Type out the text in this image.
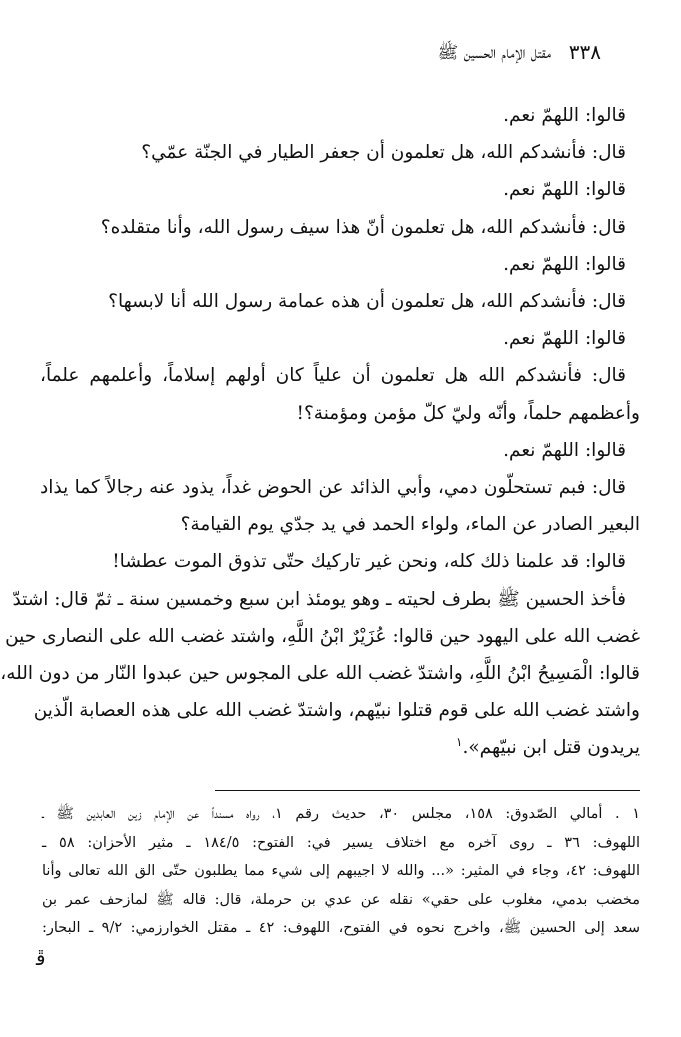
٣٣٨
مقتل الإمام الحسين ﷺ

قالوا: اللهمّ نعم.

قال: فأنشدكم الله، هل تعلمون أن جعفر الطيار في الجنّة عمّي؟

قالوا: اللهمّ نعم.

قال: فأنشدكم الله، هل تعلمون أنّ هذا سيف رسول الله، وأنا متقلده؟

قالوا: اللهمّ نعم.

قال: فأنشدكم الله، هل تعلمون أن هذه عمامة رسول الله أنا لابسها؟

قالوا: اللهمّ نعم.

قال: فأنشدكم الله هل تعلمون أن علياً كان أولهم إسلاماً، وأعلمهم علماً،

وأعظمهم حلماً، وأنّه وليّ كلّ مؤمن ومؤمنة؟!

قالوا: اللهمّ نعم.

قال: فبم تستحلّون دمي، وأبي الذائد عن الحوض غداً، يذود عنه رجالاً كما يذاد

البعير الصادر عن الماء، ولواء الحمد في يد جدّي يوم القيامة؟

قالوا: قد علمنا ذلك كله، ونحن غير تاركيك حتّى تذوق الموت عطشا!

فأخذ الحسين ﷺ بطرف لحيته ـ وهو يومئذ ابن سبع وخمسين سنة ـ ثمّ قال: اشتدّ

غضب الله على اليهود حين قالوا: عُزَيْرٌ ابْنُ اللَّهِ، واشتد غضب الله على النصارى حين

قالوا: الْمَسِيحُ ابْنُ اللَّهِ، واشتدّ غضب الله على المجوس حين عبدوا النّار من دون الله،

واشتد غضب الله على قوم قتلوا نبيّهم، واشتدّ غضب الله على هذه العصابة الّذين

يريدون قتل ابن نبيّهم».$^١$

١ . أمالي الصّدوق: ١٥٨، مجلس ٣٠، حديث رقم ١، رواه مسنداً عن الإمام زين العابدين ﷺ ـ

اللهوف: ٣٦ ـ روى آخره مع اختلاف يسير في: الفتوح: ١٨٤/٥ ـ مثير الأحزان: ٥٨ ـ

اللهوف: ٤٢، وجاء في المثير: «... والله لا اجيبهم إلى شيء مما يطلبون حتّى الق الله تعالى وأنا

مخضب بدمي، مغلوب على حقي» نقله عن عدي بن حرملة، قال: قاله ﷺ لمازحف عمر بن

سعد إلى الحسين ﷺ، واخرج نحوه في الفتوح، اللهوف: ٤٢ ـ مقتل الخوارزمي: ٩/٢ ـ البحار:

ﭰ
